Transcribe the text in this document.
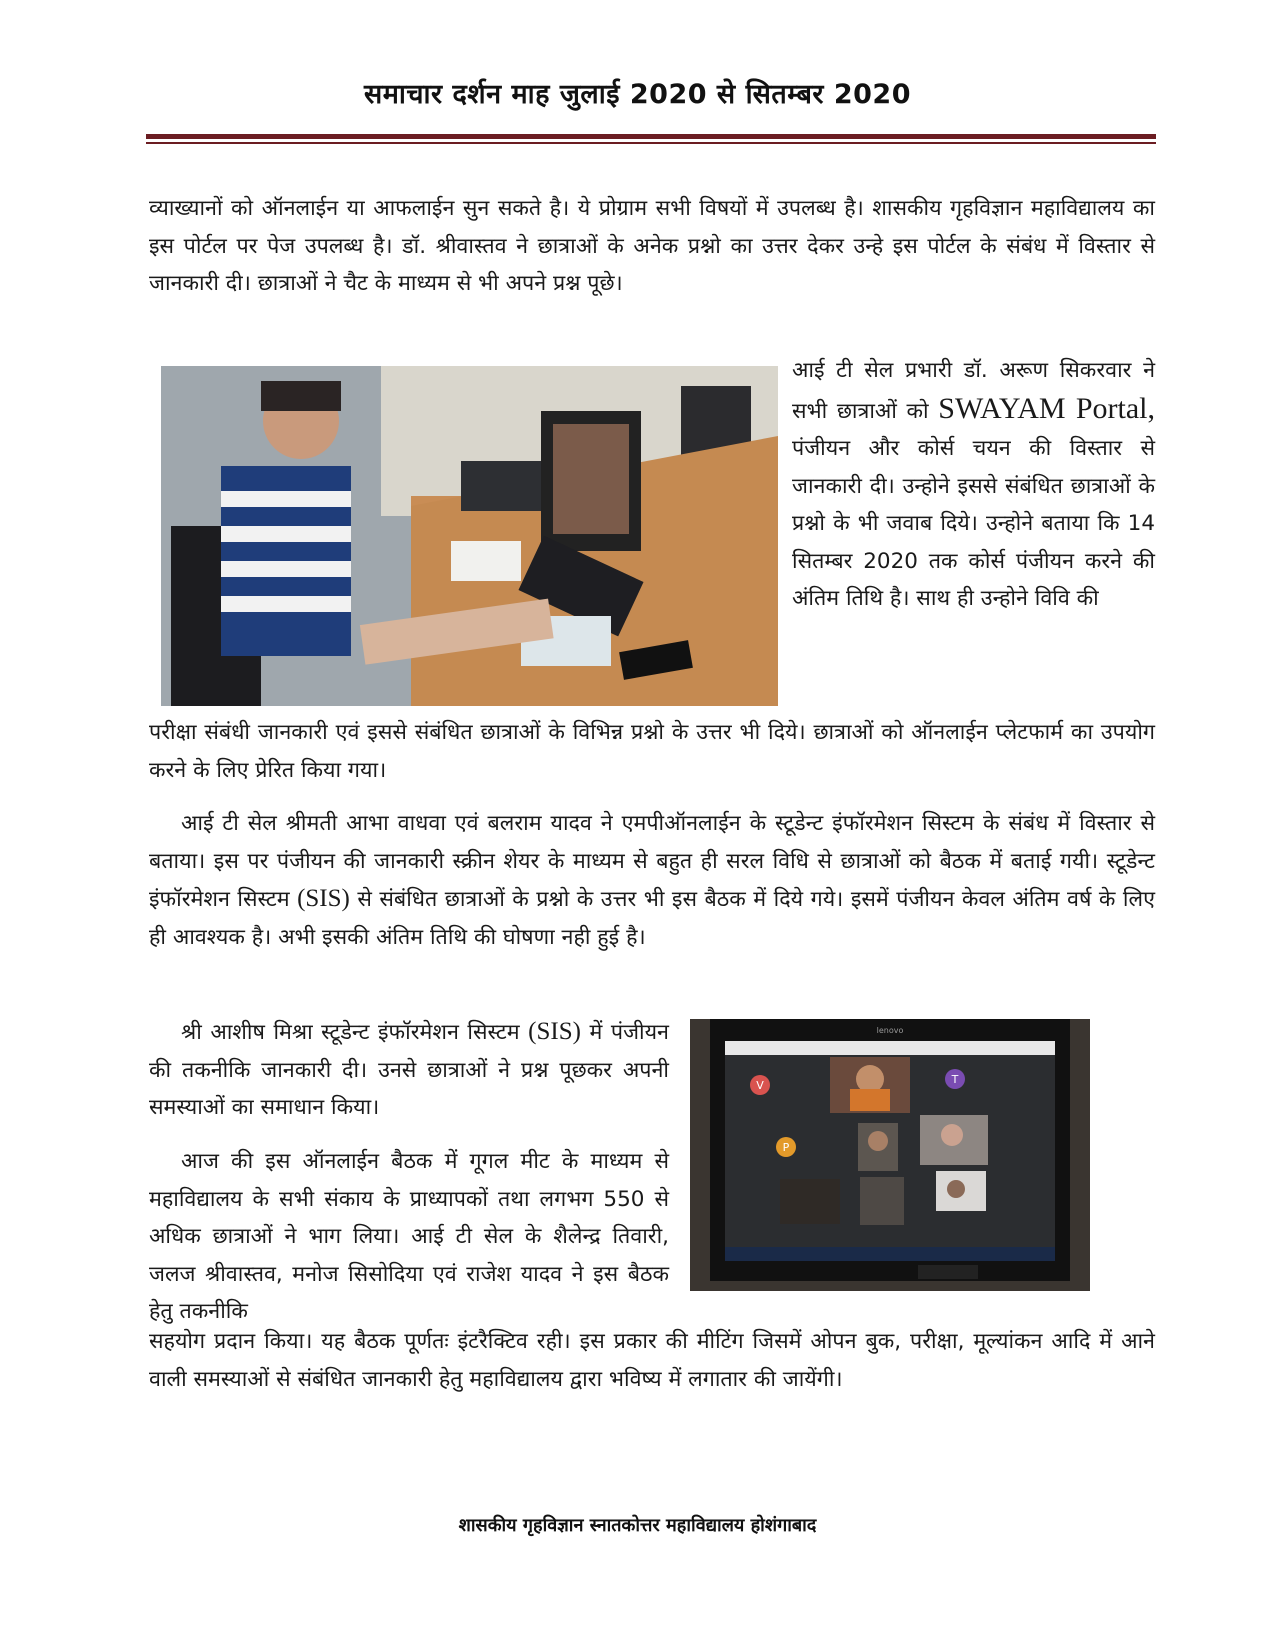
समाचार दर्शन माह जुलाई 2020 से सितम्बर 2020

व्याख्यानों को ऑनलाईन या आफलाईन सुन सकते है। ये प्रोग्राम सभी विषयों में उपलब्ध है। शासकीय गृहविज्ञान महाविद्यालय का इस पोर्टल पर पेज उपलब्ध है। डॉ. श्रीवास्तव ने छात्राओं के अनेक प्रश्नो का उत्तर देकर उन्हे इस पोर्टल के संबंध में विस्तार से जानकारी दी। छात्राओं ने चैट के माध्यम से भी अपने प्रश्न पूछे।

आई टी सेल प्रभारी डॉ. अरूण सिकरवार ने सभी छात्राओं को SWAYAM Portal, पंजीयन और कोर्स चयन की विस्तार से जानकारी दी। उन्होने इससे संबंधित छात्राओं के प्रश्नो के भी जवाब दिये। उन्होने बताया कि 14 सितम्बर 2020 तक कोर्स पंजीयन करने की अंतिम तिथि है। साथ ही उन्होने विवि की

परीक्षा संबंधी जानकारी एवं इससे संबंधित छात्राओं के विभिन्न प्रश्नो के उत्तर भी दिये। छात्राओं को ऑनलाईन प्लेटफार्म का उपयोग करने के लिए प्रेरित किया गया।

आई टी सेल श्रीमती आभा वाधवा एवं बलराम यादव ने एमपीऑनलाईन के स्टूडेन्ट इंफॉरमेशन सिस्टम के संबंध में विस्तार से बताया। इस पर पंजीयन की जानकारी स्क्रीन शेयर के माध्यम से बहुत ही सरल विधि से छात्राओं को बैठक में बताई गयी। स्टूडेन्ट इंफॉरमेशन सिस्टम (SIS) से संबंधित छात्राओं के प्रश्नो के उत्तर भी इस बैठक में दिये गये। इसमें पंजीयन केवल अंतिम वर्ष के लिए ही आवश्यक है। अभी इसकी अंतिम तिथि की घोषणा नही हुई है।
श्री आशीष मिश्रा स्टूडेन्ट इंफॉरमेशन सिस्टम (SIS) में पंजीयन की तकनीकि जानकारी दी। उनसे छात्राओं ने प्रश्न पूछकर अपनी समस्याओं का समाधान किया।
आज की इस ऑनलाईन बैठक में गूगल मीट के माध्यम से महाविद्यालय के सभी संकाय के प्राध्यापकों तथा लगभग 550 से अधिक छात्राओं ने भाग लिया। आई टी सेल के शैलेन्द्र तिवारी, जलज श्रीवास्तव, मनोज सिसोदिया एवं राजेश यादव ने इस बैठक हेतु तकनीकि
lenovo
V	T
P

सहयोग प्रदान किया। यह बैठक पूर्णतः इंटरैक्टिव रही। इस प्रकार की मीटिंग जिसमें ओपन बुक, परीक्षा, मूल्यांकन आदि में आने वाली समस्याओं से संबंधित जानकारी हेतु महाविद्यालय द्वारा भविष्य में लगातार की जायेंगी।

शासकीय गृहविज्ञान स्नातकोत्तर महाविद्यालय होशंगाबाद
